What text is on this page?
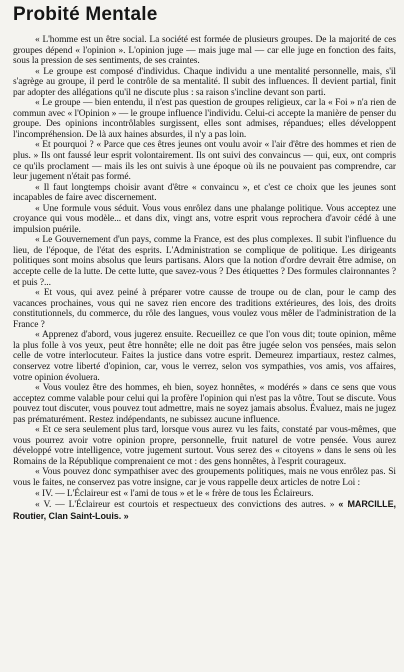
Probité Mentale

« L'homme est un être social. La société est formée de plusieurs groupes. De la majorité de ces groupes dépend « l'opinion ». L'opinion juge — mais juge mal — car elle juge en fonction des faits, sous la pression de ses sentiments, de ses craintes.

« Le groupe est composé d'individus. Chaque individu a une mentalité personnelle, mais, s'il s'agrège au groupe, il perd le contrôle de sa mentalité. Il subit des influences. Il devient partial, finit par adopter des allégations qu'il ne discute plus : sa raison s'incline devant son parti.

« Le groupe — bien entendu, il n'est pas question de groupes religieux, car la « Foi » n'a rien de commun avec « l'Opinion » — le groupe influence l'individu. Celui-ci accepte la manière de penser du groupe. Des opinions incontrôlables surgissent, elles sont admises, répandues; elles développent l'incompréhension. De là aux haines absurdes, il n'y a pas loin.

« Et pourquoi ? « Parce que ces êtres jeunes ont voulu avoir « l'air d'être des hommes et rien de plus. » Ils ont faussé leur esprit volontairement. Ils ont suivi des convaincus — qui, eux, ont compris ce qu'ils proclament — mais ils les ont suivis à une époque où ils ne pouvaient pas comprendre, car leur jugement n'était pas formé.

« Il faut longtemps choisir avant d'être « convaincu », et c'est ce choix que les jeunes sont incapables de faire avec discernement.

« Une formule vous séduit. Vous vous enrôlez dans une phalange politique. Vous acceptez une croyance qui vous modèle... et dans dix, vingt ans, votre esprit vous reprochera d'avoir cédé à une impulsion puérile.

« Le Gouvernement d'un pays, comme la France, est des plus complexes. Il subit l'influence du lieu, de l'époque, de l'état des esprits. L'Administration se complique de politique. Les dirigeants politiques sont moins absolus que leurs partisans. Alors que la notion d'ordre devrait être admise, on accepte celle de la lutte. De cette lutte, que savez-vous ? Des étiquettes ? Des formules claironnantes ? et puis ?...

« Et vous, qui avez peiné à préparer votre causse de troupe ou de clan, pour le camp des vacances prochaines, vous qui ne savez rien encore des traditions extérieures, des lois, des droits constitutionnels, du commerce, du rôle des langues, vous voulez vous mêler de l'administration de la France ?

« Apprenez d'abord, vous jugerez ensuite. Recueillez ce que l'on vous dit; toute opinion, même la plus folle à vos yeux, peut être honnête; elle ne doit pas être jugée selon vos pensées, mais selon celle de votre interlocuteur. Faites la justice dans votre esprit. Demeurez impartiaux, restez calmes, conservez votre liberté d'opinion, car, vous le verrez, selon vos sympathies, vos amis, vos affaires, votre opinion évoluera.

« Vous voulez être des hommes, eh bien, soyez honnêtes, « modérés » dans ce sens que vous acceptez comme valable pour celui qui la profère l'opinion qui n'est pas la vôtre. Tout se discute. Vous pouvez tout discuter, vous pouvez tout admettre, mais ne soyez jamais absolus. Évaluez, mais ne jugez pas prématurément. Restez indépendants, ne subissez aucune influence.

« Et ce sera seulement plus tard, lorsque vous aurez vu les faits, constaté par vous-mêmes, que vous pourrez avoir votre opinion propre, personnelle, fruit naturel de votre pensée. Vous aurez développé votre intelligence, votre jugement surtout. Vous serez des « citoyens » dans le sens où les Romains de la République comprenaient ce mot : des gens honnêtes, à l'esprit courageux.

« Vous pouvez donc sympathiser avec des groupements politiques, mais ne vous enrôlez pas. Si vous le faites, ne conservez pas votre insigne, car je vous rappelle deux articles de notre Loi :

« IV. — L'Éclaireur est « l'ami de tous » et le « frère de tous les Éclaireurs.

« V. — L'Éclaireur est courtois et respectueux des convictions des autres. » « MARCILLE, Routier, Clan Saint-Louis. »
